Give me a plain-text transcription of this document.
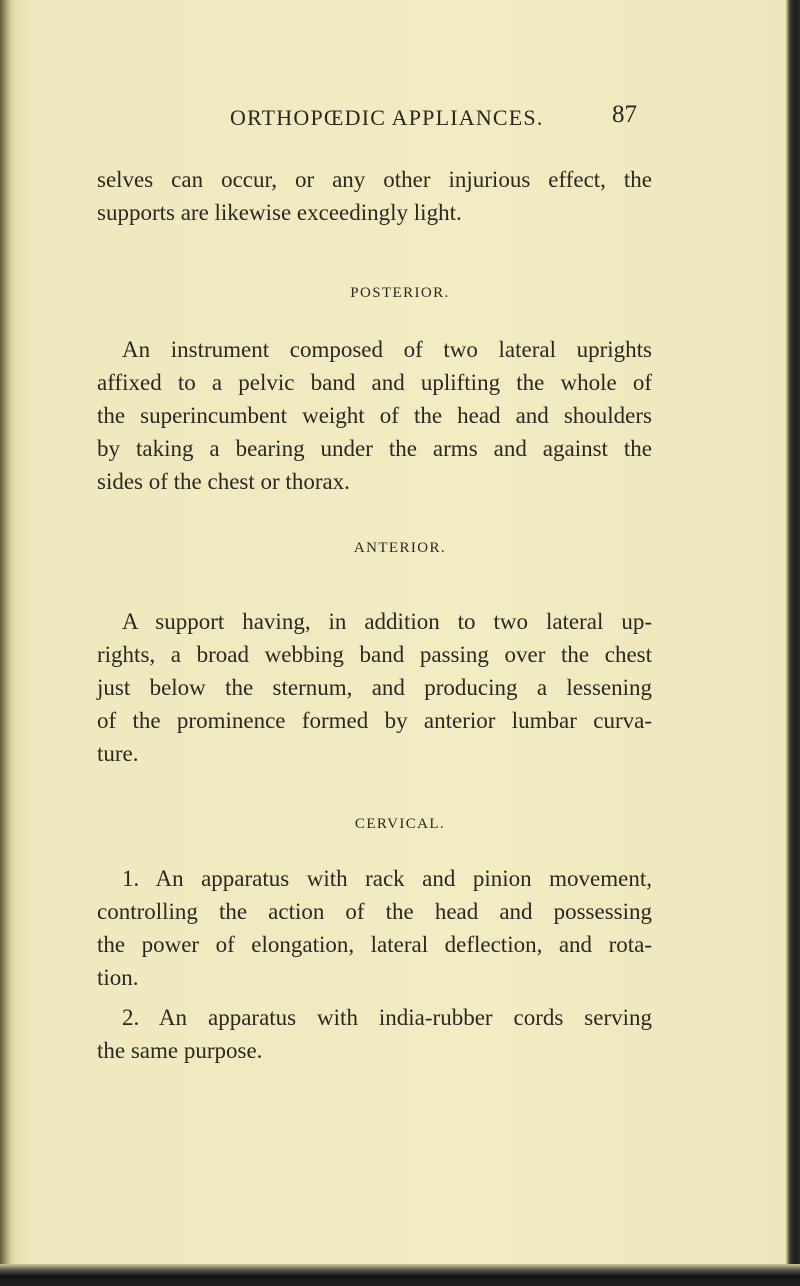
ORTHOPŒDIC APPLIANCES.	87

selves can occur, or any other injurious effect, the
supports are likewise exceedingly light.

POSTERIOR.

An instrument composed of two lateral uprights
affixed to a pelvic band and uplifting the whole of
the superincumbent weight of the head and shoulders
by taking a bearing under the arms and against the
sides of the chest or thorax.

ANTERIOR.

A support having, in addition to two lateral up-
rights, a broad webbing band passing over the chest
just below the sternum, and producing a lessening
of the prominence formed by anterior lumbar curva-
ture.

CERVICAL.

1. An apparatus with rack and pinion movement,
controlling the action of the head and possessing
the power of elongation, lateral deflection, and rota-
tion.

2. An apparatus with india-rubber cords serving
the same purpose.
